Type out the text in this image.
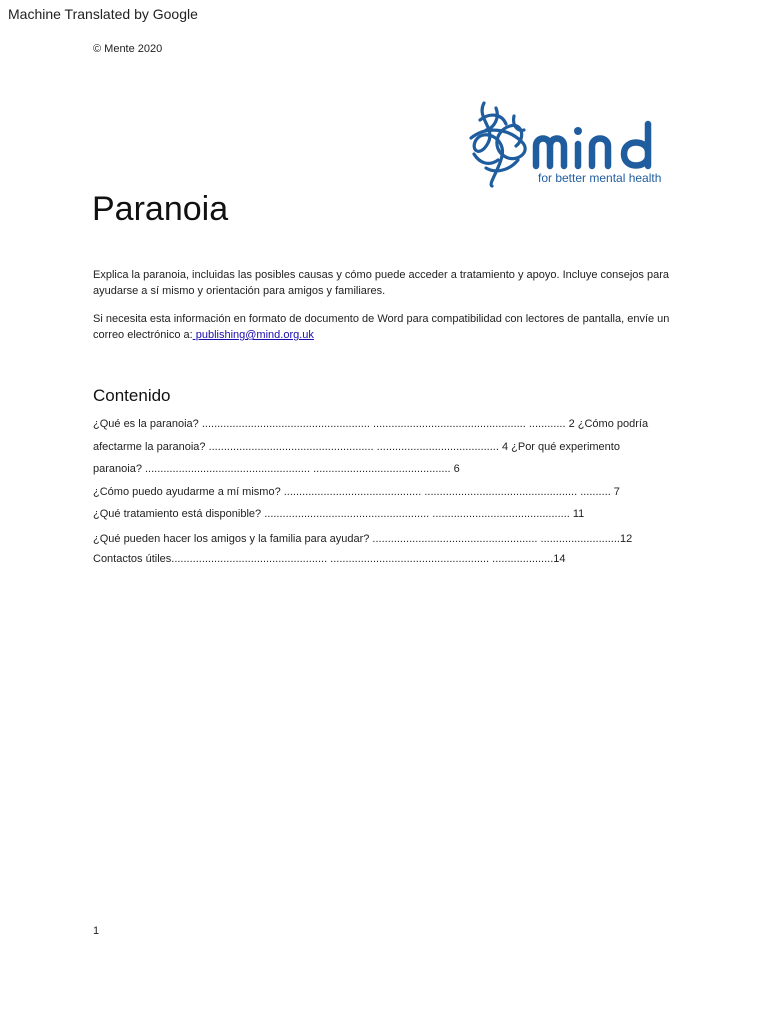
Machine Translated by Google
© Mente 2020
for better mental health
Paranoia
Explica la paranoia, incluidas las posibles causas y cómo puede acceder a tratamiento y apoyo. Incluye consejos para ayudarse a sí mismo y orientación para amigos y familiares.
Si necesita esta información en formato de documento de Word para compatibilidad con lectores de pantalla, envíe un correo electrónico a: publishing@mind.org.uk
Contenido
¿Qué es la paranoia? ....................................................... .................................................. ............ 2 ¿Cómo podría
afectarme la paranoia? ...................................................... ........................................ 4 ¿Por qué experimento
paranoia? ...................................................... ............................................. 6
¿Cómo puedo ayudarme a mí mismo? ............................................. .................................................. .......... 7
¿Qué tratamiento está disponible? ...................................................... ............................................. 11
¿Qué pueden hacer los amigos y la familia para ayudar? ...................................................... ..........................12
Contactos útiles................................................... .................................................... ....................14
1
